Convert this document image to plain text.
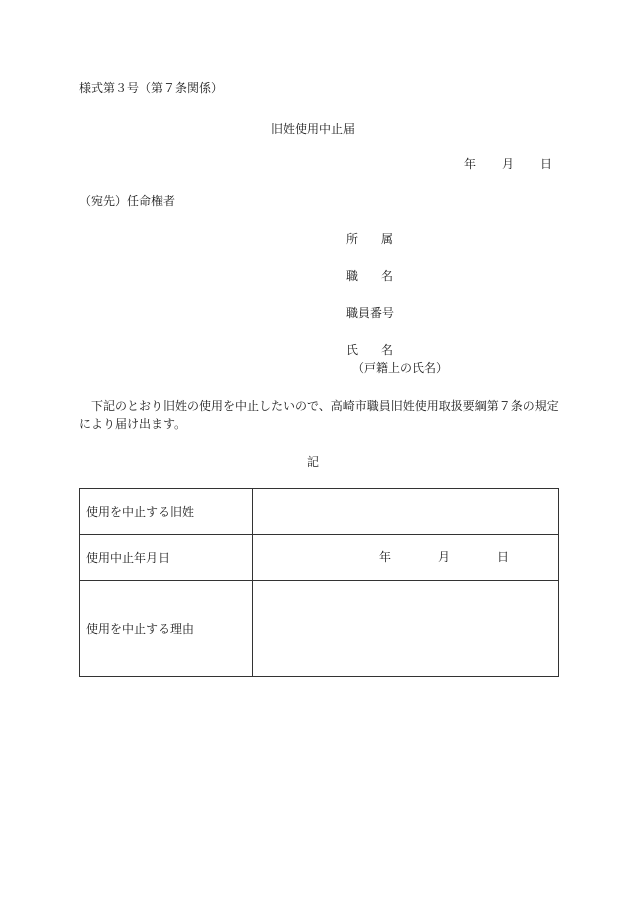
様式第３号（第７条関係）
旧姓使用中止届
年 月 日
（宛先）任命権者
所 属
職 名
職員番号
氏 名
（戸籍上の氏名）
下記のとおり旧姓の使用を中止したいので、高崎市職員旧姓使用取扱要綱第７条の規定
により届け出ます。
記
使用を中止する旧姓	
使用中止年月日	年 月 日

使用を中止する理由	
